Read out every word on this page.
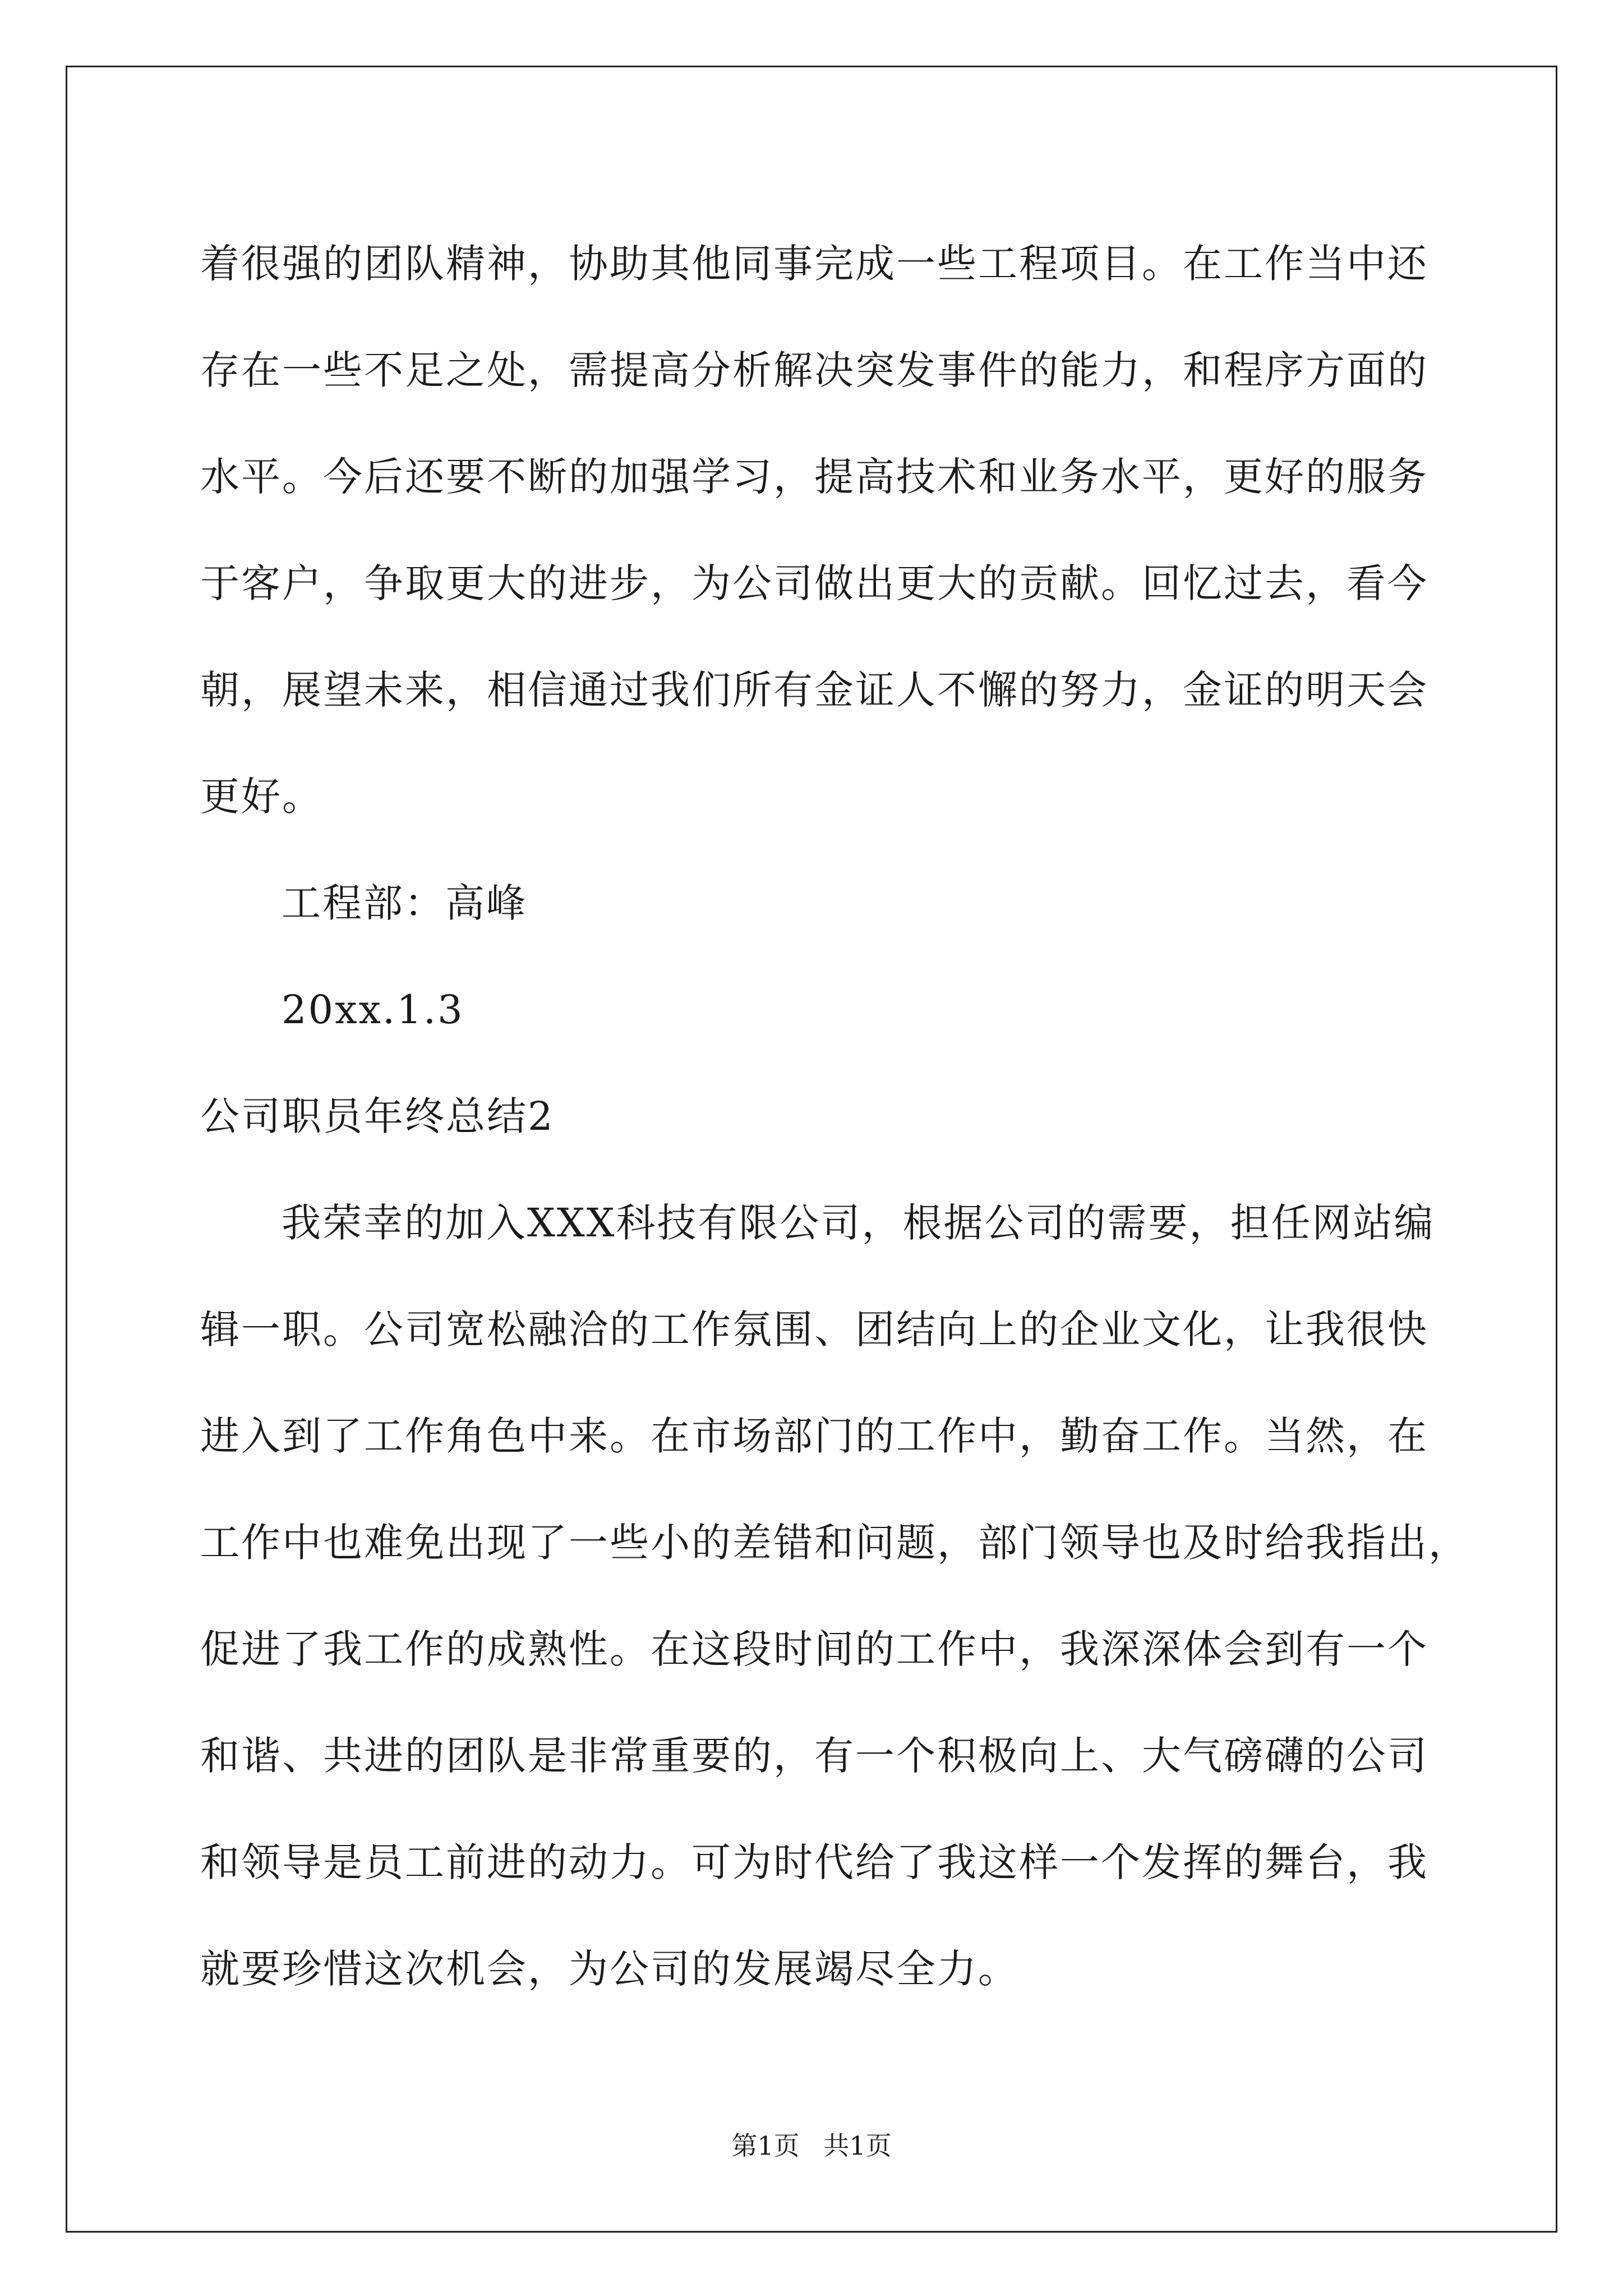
着很强的团队精神，协助其他同事完成一些工程项目。在工作当中还
存在一些不足之处，需提高分析解决突发事件的能力，和程序方面的
水平。今后还要不断的加强学习，提高技术和业务水平，更好的服务
于客户，争取更大的进步，为公司做出更大的贡献。回忆过去，看今
朝，展望未来，相信通过我们所有金证人不懈的努力，金证的明天会
更好。
工程部：高峰
20xx.1.3
公司职员年终总结2
我荣幸的加入XXX科技有限公司，根据公司的需要，担任网站编
辑一职。公司宽松融洽的工作氛围、团结向上的企业文化，让我很快
进入到了工作角色中来。在市场部门的工作中，勤奋工作。当然，在
工作中也难免出现了一些小的差错和问题，部门领导也及时给我指出，
促进了我工作的成熟性。在这段时间的工作中，我深深体会到有一个
和谐、共进的团队是非常重要的，有一个积极向上、大气磅礴的公司
和领导是员工前进的动力。可为时代给了我这样一个发挥的舞台，我
就要珍惜这次机会，为公司的发展竭尽全力。
第1页 共1页
